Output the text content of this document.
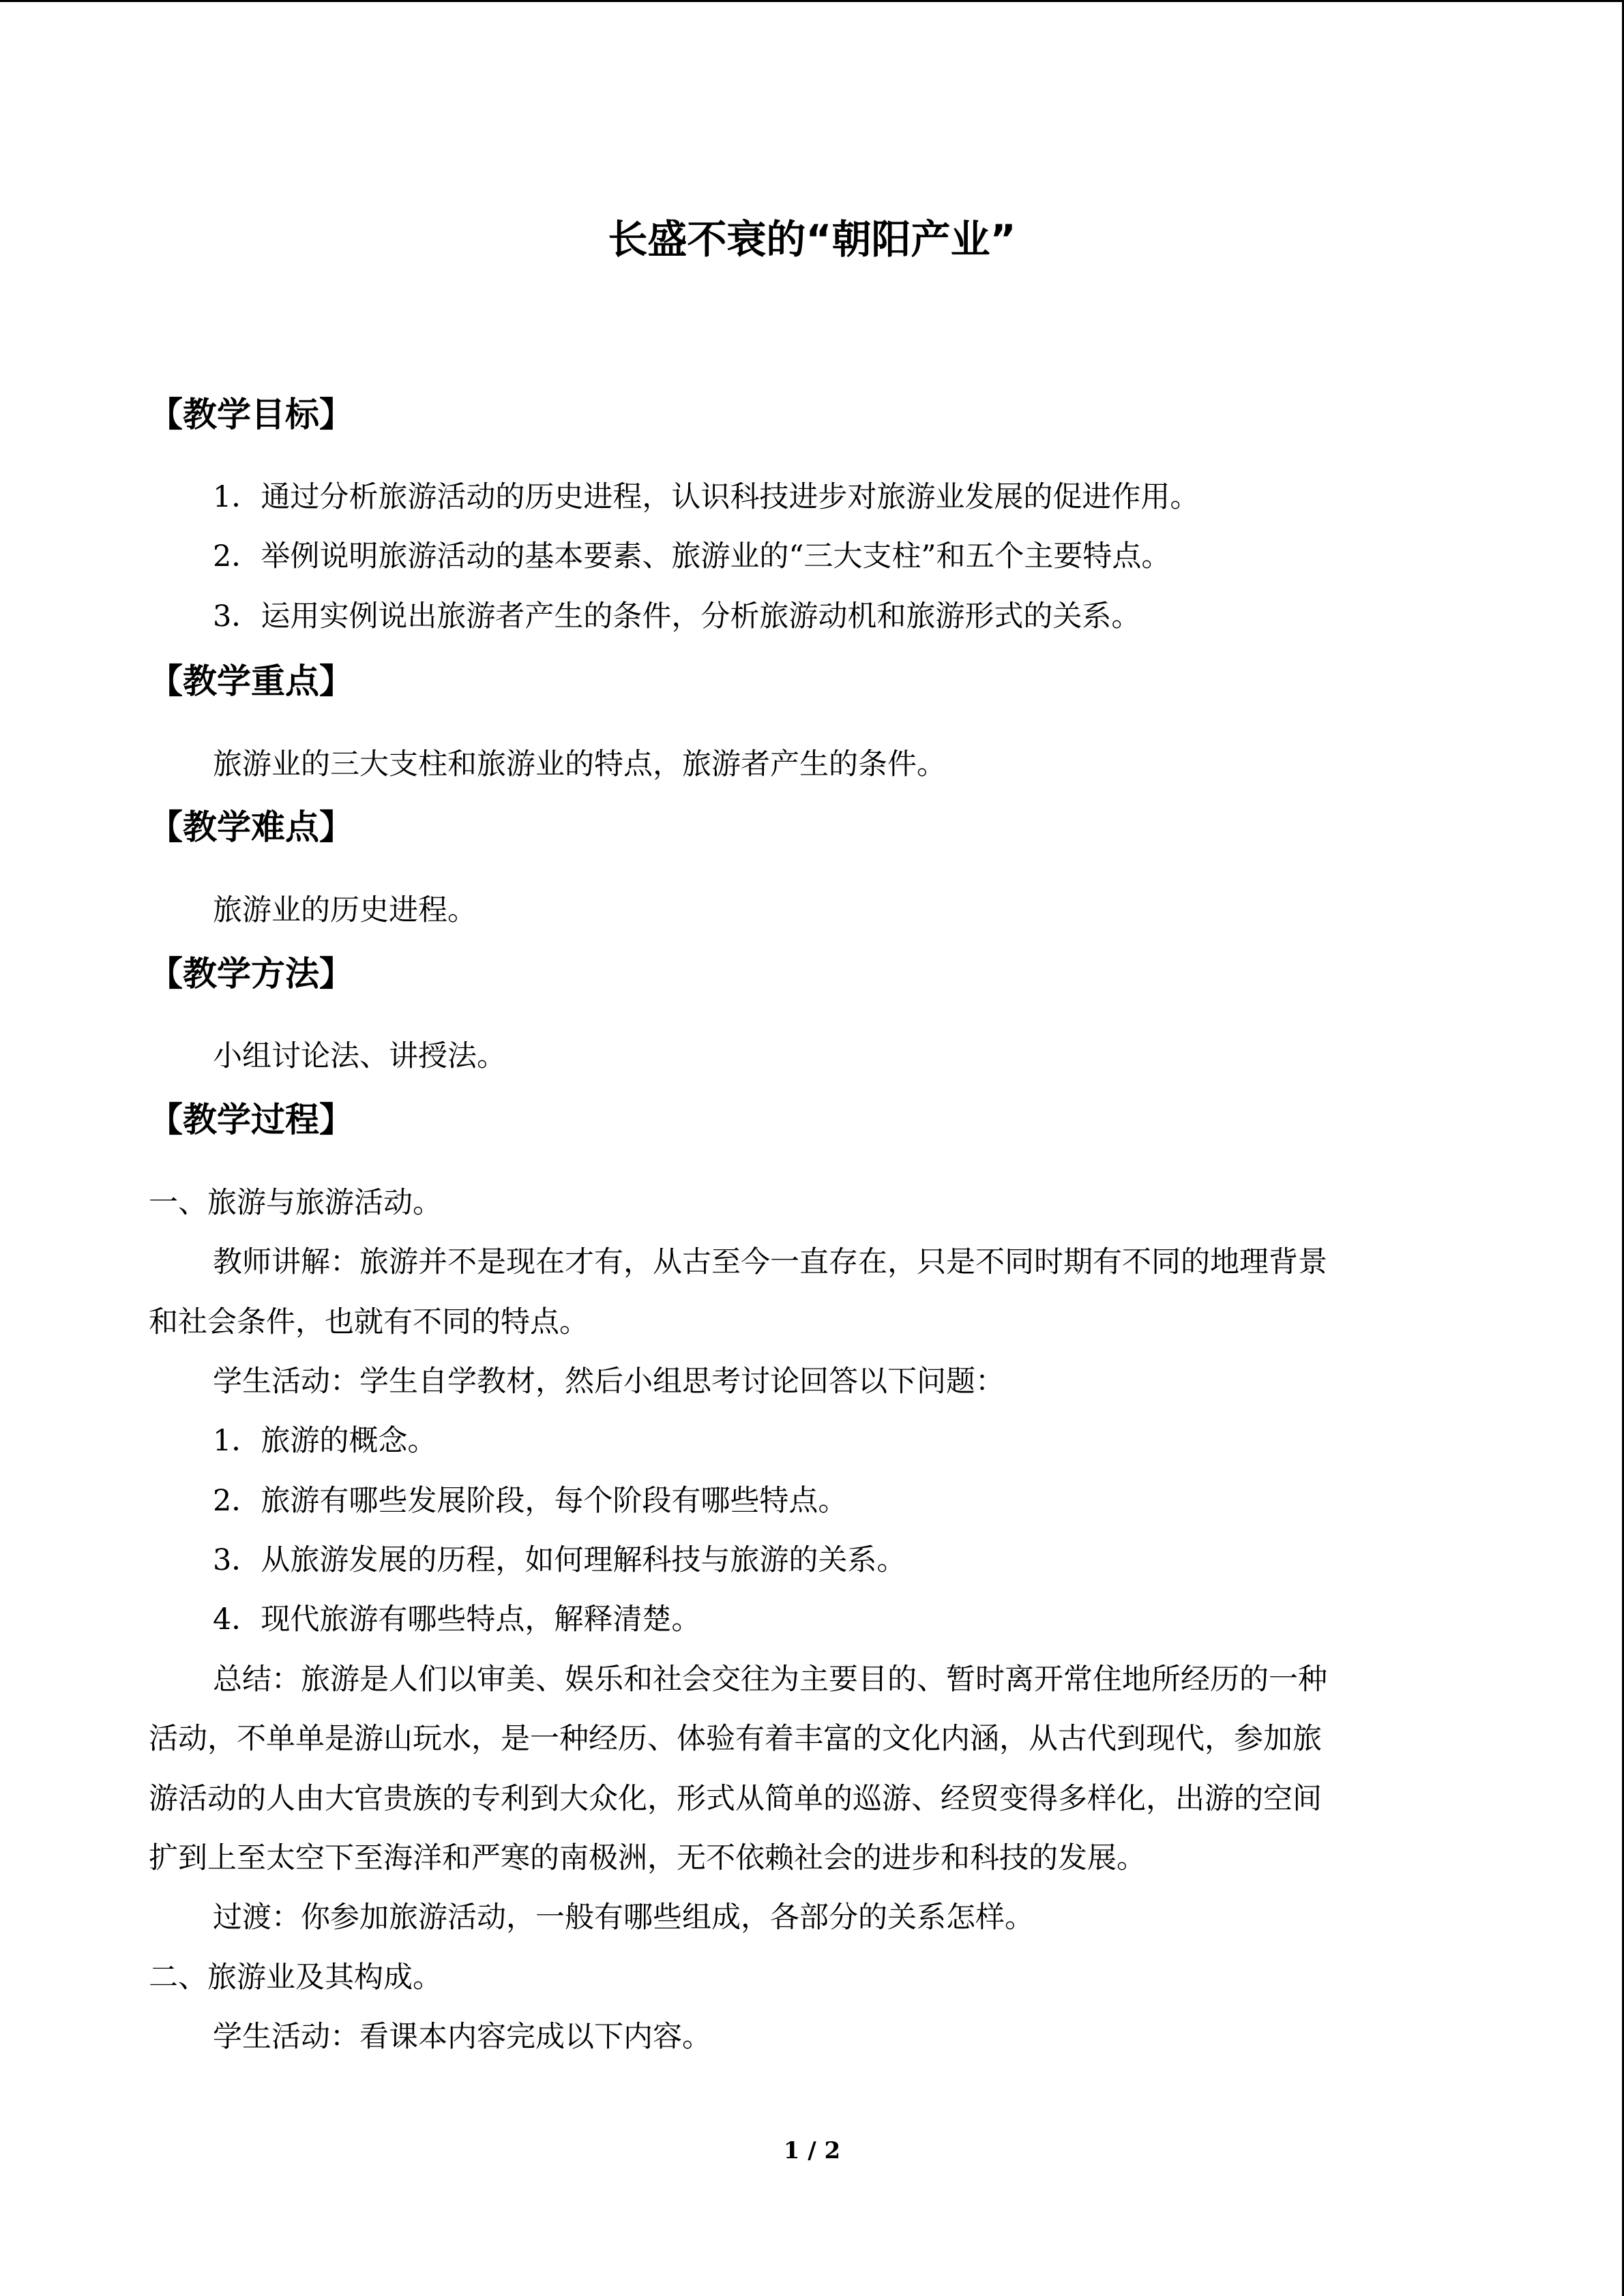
长盛不衰的“朝阳产业”
【教学目标】
1．通过分析旅游活动的历史进程，认识科技进步对旅游业发展的促进作用。
2．举例说明旅游活动的基本要素、旅游业的“三大支柱”和五个主要特点。
3．运用实例说出旅游者产生的条件，分析旅游动机和旅游形式的关系。
【教学重点】
旅游业的三大支柱和旅游业的特点，旅游者产生的条件。
【教学难点】
旅游业的历史进程。
【教学方法】
小组讨论法、讲授法。
【教学过程】
一、旅游与旅游活动。
教师讲解：旅游并不是现在才有，从古至今一直存在，只是不同时期有不同的地理背景
和社会条件，也就有不同的特点。
学生活动：学生自学教材，然后小组思考讨论回答以下问题：
1．旅游的概念。
2．旅游有哪些发展阶段，每个阶段有哪些特点。
3．从旅游发展的历程，如何理解科技与旅游的关系。
4．现代旅游有哪些特点，解释清楚。
总结：旅游是人们以审美、娱乐和社会交往为主要目的、暂时离开常住地所经历的一种
活动，不单单是游山玩水，是一种经历、体验有着丰富的文化内涵，从古代到现代，参加旅
游活动的人由大官贵族的专利到大众化，形式从简单的巡游、经贸变得多样化，出游的空间
扩到上至太空下至海洋和严寒的南极洲，无不依赖社会的进步和科技的发展。
过渡：你参加旅游活动，一般有哪些组成，各部分的关系怎样。
二、旅游业及其构成。
学生活动：看课本内容完成以下内容。
1 / 2
